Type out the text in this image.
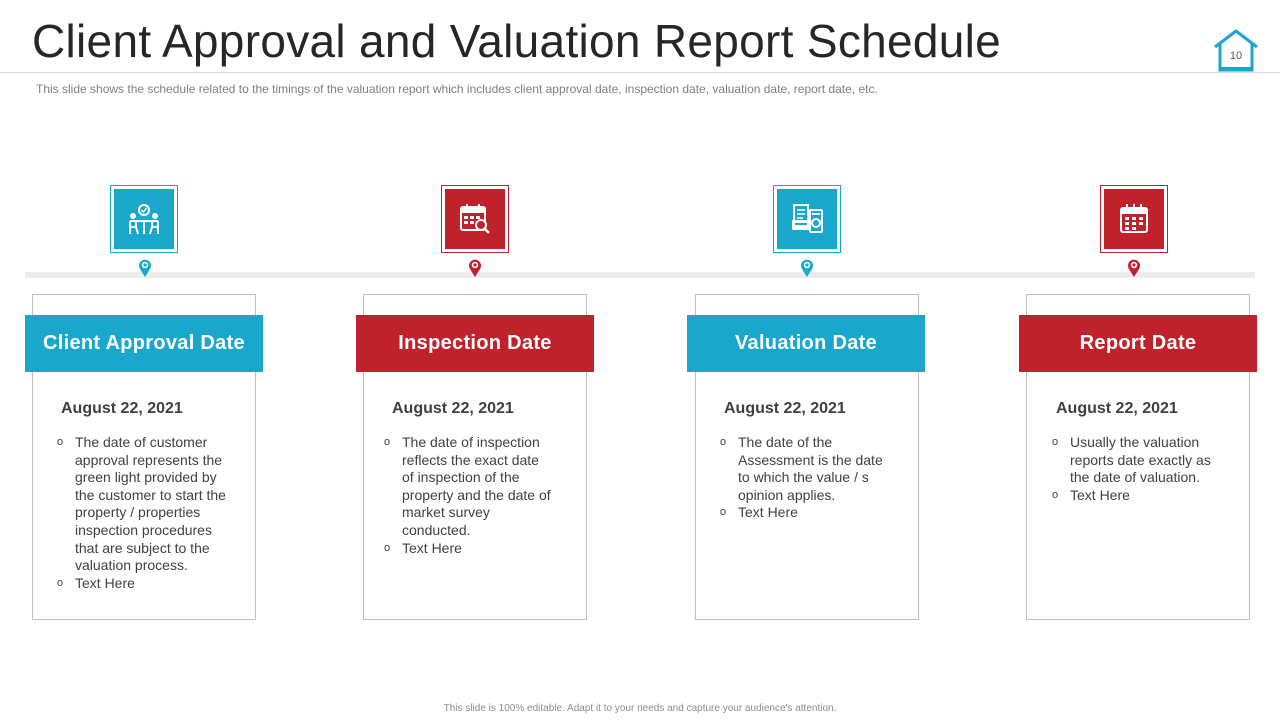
Client Approval and Valuation Report Schedule	10
This slide shows the schedule related to the timings of the valuation report which includes client approval date, inspection date, valuation date, report date, etc.
Client Approval Date
August 22, 2021
o The date of customer approval represents the green light provided by the customer to start the property / properties inspection procedures that are subject to the valuation process.
o Text Here
Inspection Date
August 22, 2021
o The date of inspection reflects the exact date of inspection of the property and the date of market survey conducted.
o Text Here
Valuation Date
August 22, 2021
o The date of the Assessment is the date to which the value / s opinion applies.
o Text Here
Report Date
August 22, 2021
o Usually the valuation reports date exactly as the date of valuation.
o Text Here
This slide is 100% editable. Adapt it to your needs and capture your audience's attention.
